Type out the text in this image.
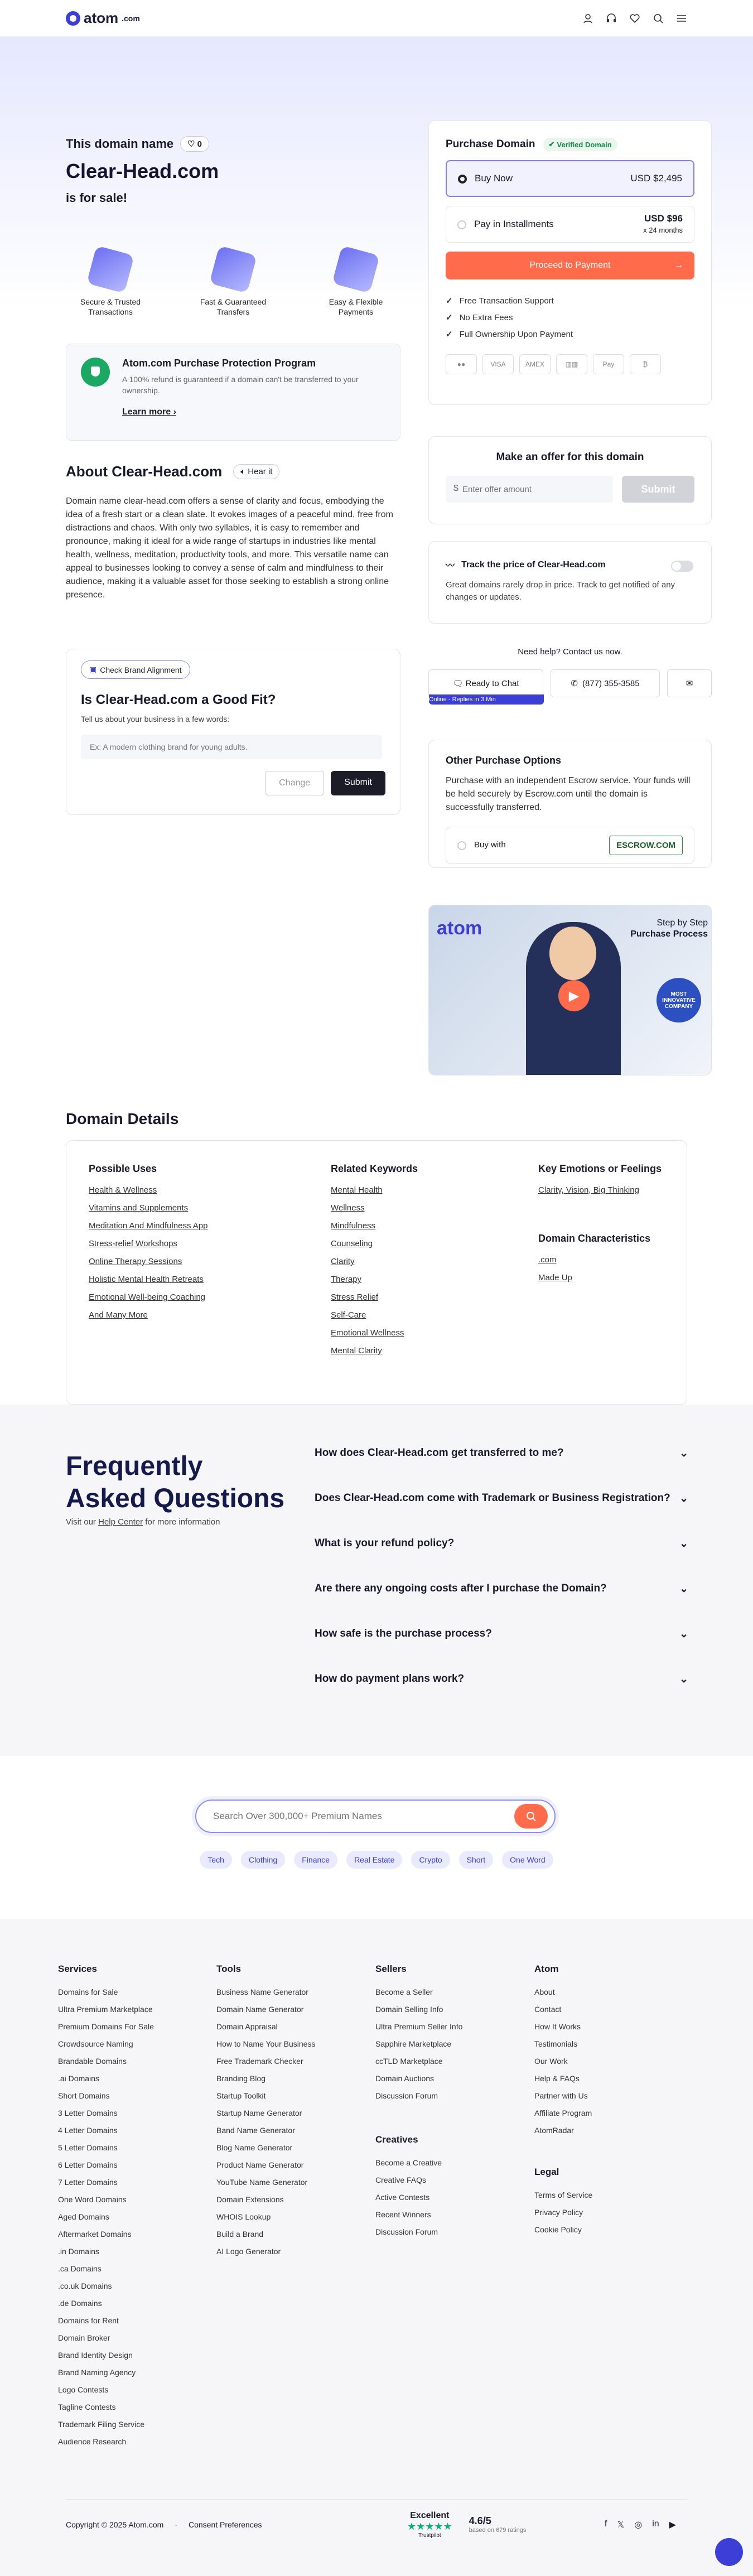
atom .com
This domain name ♡ 0
Clear-Head.com
is for sale!
Secure & Trusted Transactions
Fast & Guaranteed Transfers
Easy & Flexible Payments
Atom.com Purchase Protection Program

A 100% refund is guaranteed if a domain can't be transferred to your ownership.

Learn more ›
About Clear-Head.com 🔈︎ Hear it

Domain name clear-head.com offers a sense of clarity and focus, embodying the idea of a fresh start or a clean slate. It evokes images of a peaceful mind, free from distractions and chaos. With only two syllables, it is easy to remember and pronounce, making it ideal for a wide range of startups in industries like mental health, wellness, meditation, productivity tools, and more. This versatile name can appeal to businesses looking to convey a sense of calm and mindfulness to their audience, making it a valuable asset for those seeking to establish a strong online presence.

▣ Check Brand Alignment
Is Clear-Head.com a Good Fit?
Tell us about your business in a few words:
Ex: A modern clothing brand for young adults.
Change	Submit
Purchase Domain ✔ Verified Domain
Buy Now	USD $2,495
Pay in Installments
USD $96
x 24 months
Proceed to Payment	→
✓ Free Transaction Support
✓ No Extra Fees
✓ Full Ownership Upon Payment
●●	VISA	AMEX	▥▥	Pay	₿
Make an offer for this domain
$
Enter offer amount	Submit
〰 Track the price of Clear-Head.com

Great domains rarely drop in price. Track to get notified of any changes or updates.

Need help? Contact us now.
🗨︎ Ready to Chat
Online - Replies in 3 Min
✆ (877) 355-3585	✉
Other Purchase Options

Purchase with an independent Escrow service. Your funds will be held securely by Escrow.com until the domain is successfully transferred.

Buy with	ESCROW.COM
atom	Step by Step
Purchase Process
▶	MOST INNOVATIVE COMPANY
Domain Details
Possible Uses
Health & Wellness
Vitamins and Supplements
Meditation And Mindfulness App
Stress-relief Workshops
Online Therapy Sessions
Holistic Mental Health Retreats
Emotional Well-being Coaching
And Many More
Related Keywords
Mental Health
Wellness
Mindfulness
Counseling
Clarity
Therapy
Stress Relief
Self-Care
Emotional Wellness
Mental Clarity
Key Emotions or Feelings
Clarity, Vision, Big Thinking
Domain Characteristics
.com
Made Up
Frequently
Asked Questions
Visit our Help Center for more information
How does Clear-Head.com get transferred to me?	⌄
Does Clear-Head.com come with Trademark or Business Registration? ⌄
What is your refund policy?	⌄
Are there any ongoing costs after I purchase the Domain?	⌄
How safe is the purchase process?	⌄
How do payment plans work?	⌄
Search Over 300,000+ Premium Names
Tech	Clothing	Finance	Real Estate	Crypto	Short	One Word
Services
Domains for Sale
Ultra Premium Marketplace
Premium Domains For Sale
Crowdsource Naming
Brandable Domains
.ai Domains
Short Domains
3 Letter Domains
4 Letter Domains
5 Letter Domains
6 Letter Domains
7 Letter Domains
One Word Domains
Aged Domains
Aftermarket Domains
.in Domains
.ca Domains
.co.uk Domains
.de Domains
Domains for Rent
Domain Broker
Brand Identity Design
Brand Naming Agency
Logo Contests
Tagline Contests
Trademark Filing Service
Audience Research
Tools
Business Name Generator
Domain Name Generator
Domain Appraisal
How to Name Your Business
Free Trademark Checker
Branding Blog
Startup Toolkit
Startup Name Generator
Band Name Generator
Blog Name Generator
Product Name Generator
YouTube Name Generator
Domain Extensions
WHOIS Lookup
Build a Brand
AI Logo Generator
Sellers
Become a Seller
Domain Selling Info
Ultra Premium Seller Info
Sapphire Marketplace
ccTLD Marketplace
Domain Auctions
Discussion Forum
Creatives
Become a Creative
Creative FAQs
Active Contests
Recent Winners
Discussion Forum
Atom
About
Contact
How It Works
Testimonials
Our Work
Help & FAQs
Partner with Us
Affiliate Program
AtomRadar
Legal
Terms of Service
Privacy Policy
Cookie Policy
Copyright © 2025 Atom.com · Consent Preferences
Excellent
★★★★★
Trustpilot
4.6/5
based on 679 ratings
f 𝕏 ◎ in ▶
